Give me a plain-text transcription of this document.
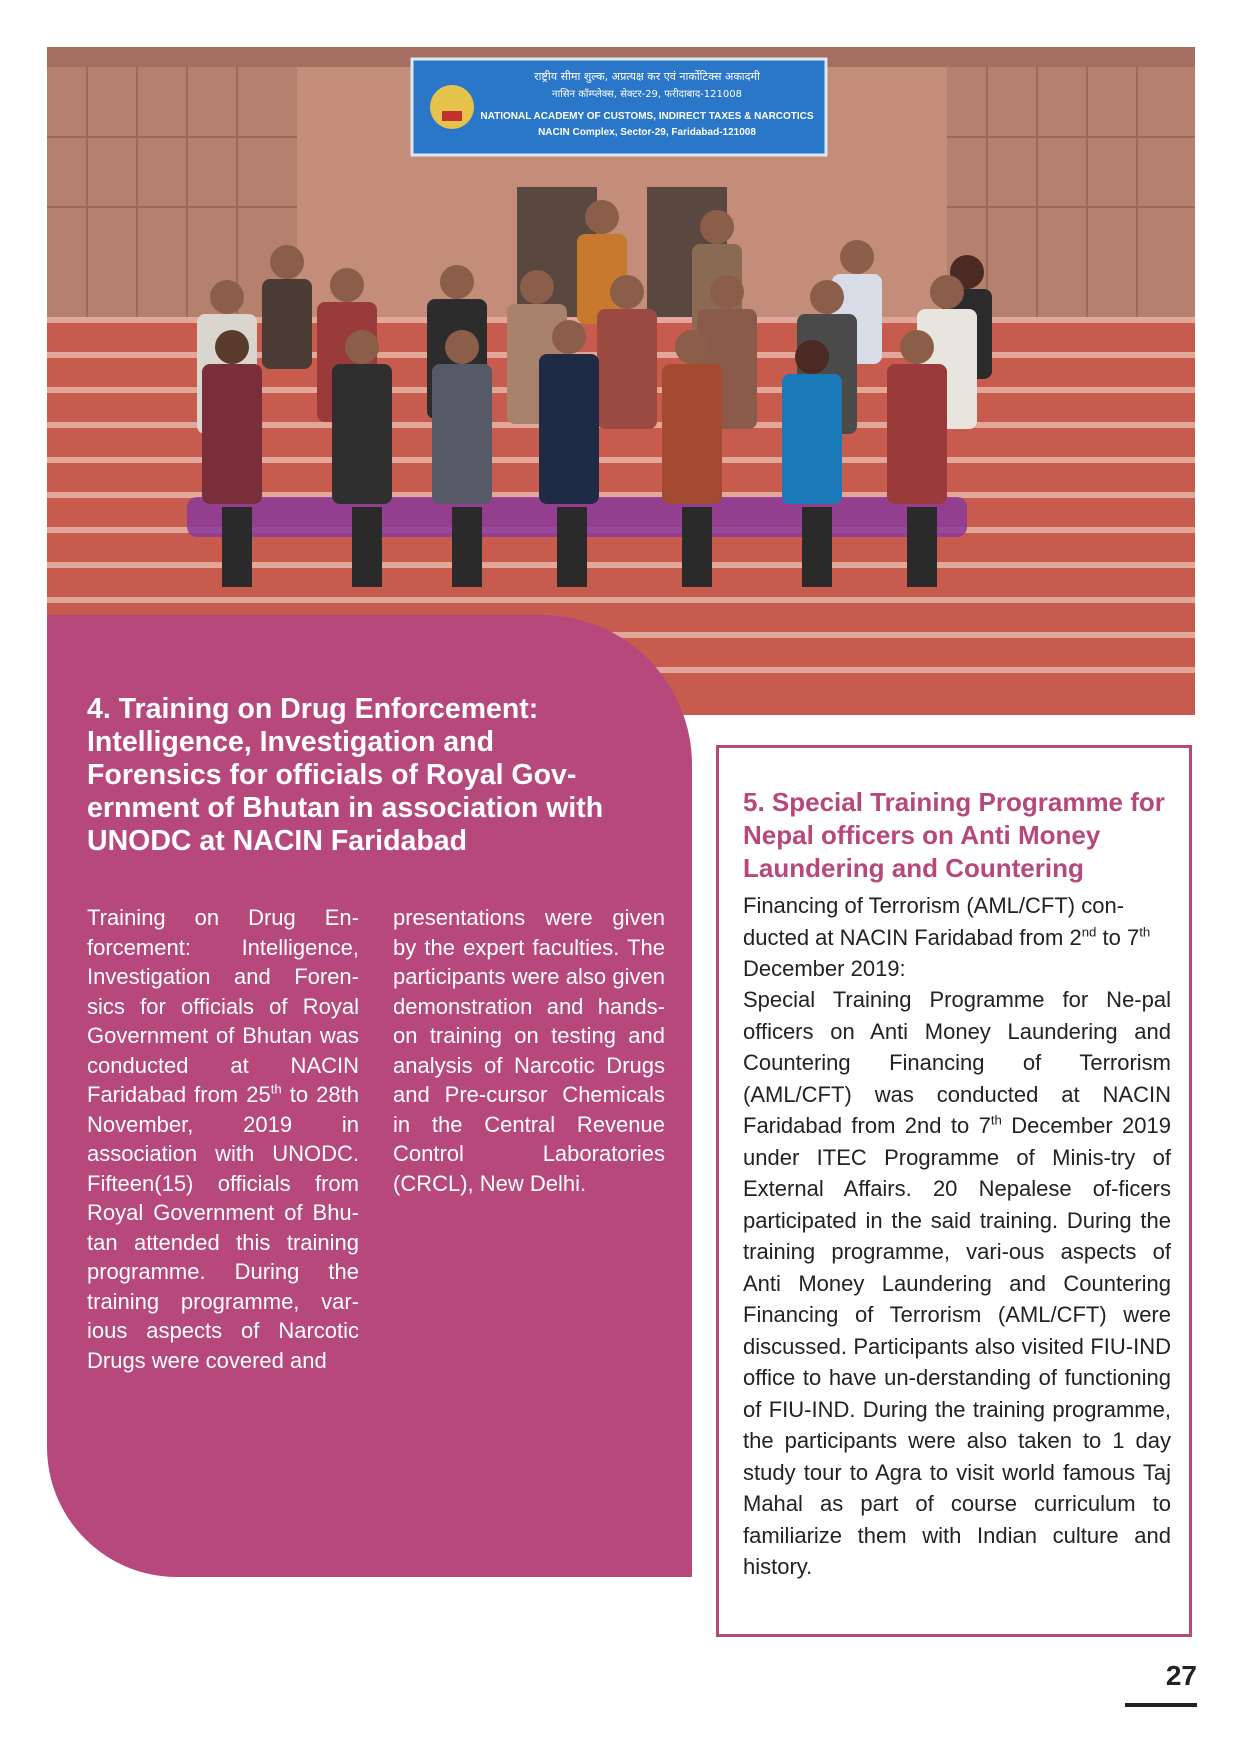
राष्ट्रीय सीमा शुल्क, अप्रत्यक्ष कर एवं नार्कोटिक्स अकादमी
नासिन कॉम्प्लेक्स, सेक्टर-29, फरीदाबाद-121008
NATIONAL ACADEMY OF CUSTOMS, INDIRECT TAXES & NARCOTICS
NACIN Complex, Sector-29, Faridabad-121008
4. Training on Drug Enforcement: Intelligence, Investigation and Forensics for officials of Royal Gov-ernment of Bhutan in association with UNODC at NACIN Faridabad

Training on Drug En-forcement: Intelligence, Investigation and Foren-sics for officials of Royal Government of Bhutan was conducted at NACIN Faridabad from 25th to 28th November, 2019 in association with UNODC. Fifteen(15) officials from Royal Government of Bhu-tan attended this training programme. During the training programme, var-ious aspects of Narcotic Drugs were covered and

presentations were given by the expert faculties. The participants were also given demonstration and hands-on training on testing and analysis of Narcotic Drugs and Pre-cursor Chemicals in the Central Revenue Control Laboratories (CRCL), New Delhi.

5. Special Training Programme for Nepal officers on Anti Money Laundering and Countering

Financing of Terrorism (AML/CFT) con-ducted at NACIN Faridabad from 2nd to 7th December 2019:

Special Training Programme for Ne-pal officers on Anti Money Laundering and Countering Financing of Terrorism (AML/CFT) was conducted at NACIN Faridabad from 2nd to 7th December 2019 under ITEC Programme of Minis-try of External Affairs. 20 Nepalese of-ficers participated in the said training. During the training programme, vari-ous aspects of Anti Money Laundering and Countering Financing of Terrorism (AML/CFT) were discussed. Participants also visited FIU-IND office to have un-derstanding of functioning of FIU-IND. During the training programme, the participants were also taken to 1 day study tour to Agra to visit world famous Taj Mahal as part of course curriculum to familiarize them with Indian culture and history.

27
